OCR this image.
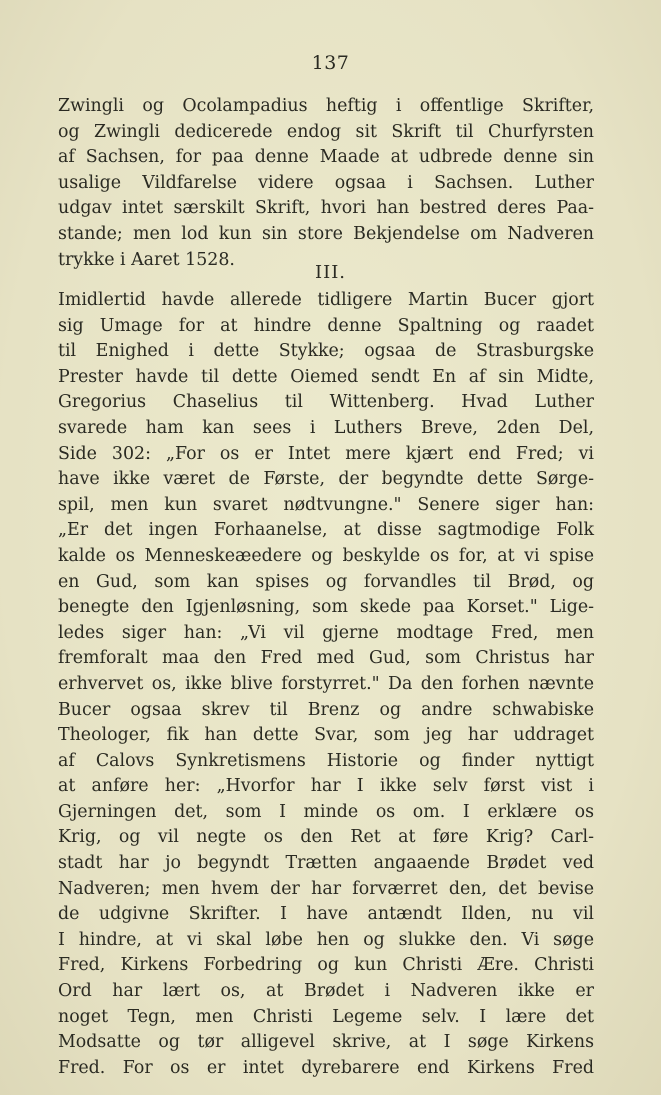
137
Zwingli og Ocolampadius heftig i offentlige Skrifter,
og Zwingli dedicerede endog sit Skrift til Churfyrsten
af Sachsen, for paa denne Maade at udbrede denne sin
usalige Vildfarelse videre ogsaa i Sachsen. Luther
udgav intet særskilt Skrift, hvori han bestred deres Paa-
stande; men lod kun sin store Bekjendelse om Nadveren
trykke i Aaret 1528.
III.
Imidlertid havde allerede tidligere Martin Bucer gjort
sig Umage for at hindre denne Spaltning og raadet
til Enighed i dette Stykke; ogsaa de Strasburgske
Prester havde til dette Oiemed sendt En af sin Midte,
Gregorius Chaselius til Wittenberg. Hvad Luther
svarede ham kan sees i Luthers Breve, 2den Del,
Side 302: „For os er Intet mere kjært end Fred; vi
have ikke været de Første, der begyndte dette Sørge-
spil, men kun svaret nødtvungne." Senere siger han:
„Er det ingen Forhaanelse, at disse sagtmodige Folk
kalde os Menneskeæedere og beskylde os for, at vi spise
en Gud, som kan spises og forvandles til Brød, og
benegte den Igjenløsning, som skede paa Korset." Lige-
ledes siger han: „Vi vil gjerne modtage Fred, men
fremforalt maa den Fred med Gud, som Christus har
erhvervet os, ikke blive forstyrret." Da den forhen nævnte
Bucer ogsaa skrev til Brenz og andre schwabiske
Theologer, fik han dette Svar, som jeg har uddraget
af Calovs Synkretismens Historie og finder nyttigt
at anføre her: „Hvorfor har I ikke selv først vist i
Gjerningen det, som I minde os om. I erklære os
Krig, og vil negte os den Ret at føre Krig? Carl-
stadt har jo begyndt Trætten angaaende Brødet ved
Nadveren; men hvem der har forværret den, det bevise
de udgivne Skrifter. I have antændt Ilden, nu vil
I hindre, at vi skal løbe hen og slukke den. Vi søge
Fred, Kirkens Forbedring og kun Christi Ære. Christi
Ord har lært os, at Brødet i Nadveren ikke er
noget Tegn, men Christi Legeme selv. I lære det
Modsatte og tør alligevel skrive, at I søge Kirkens
Fred. For os er intet dyrebarere end Kirkens Fred
